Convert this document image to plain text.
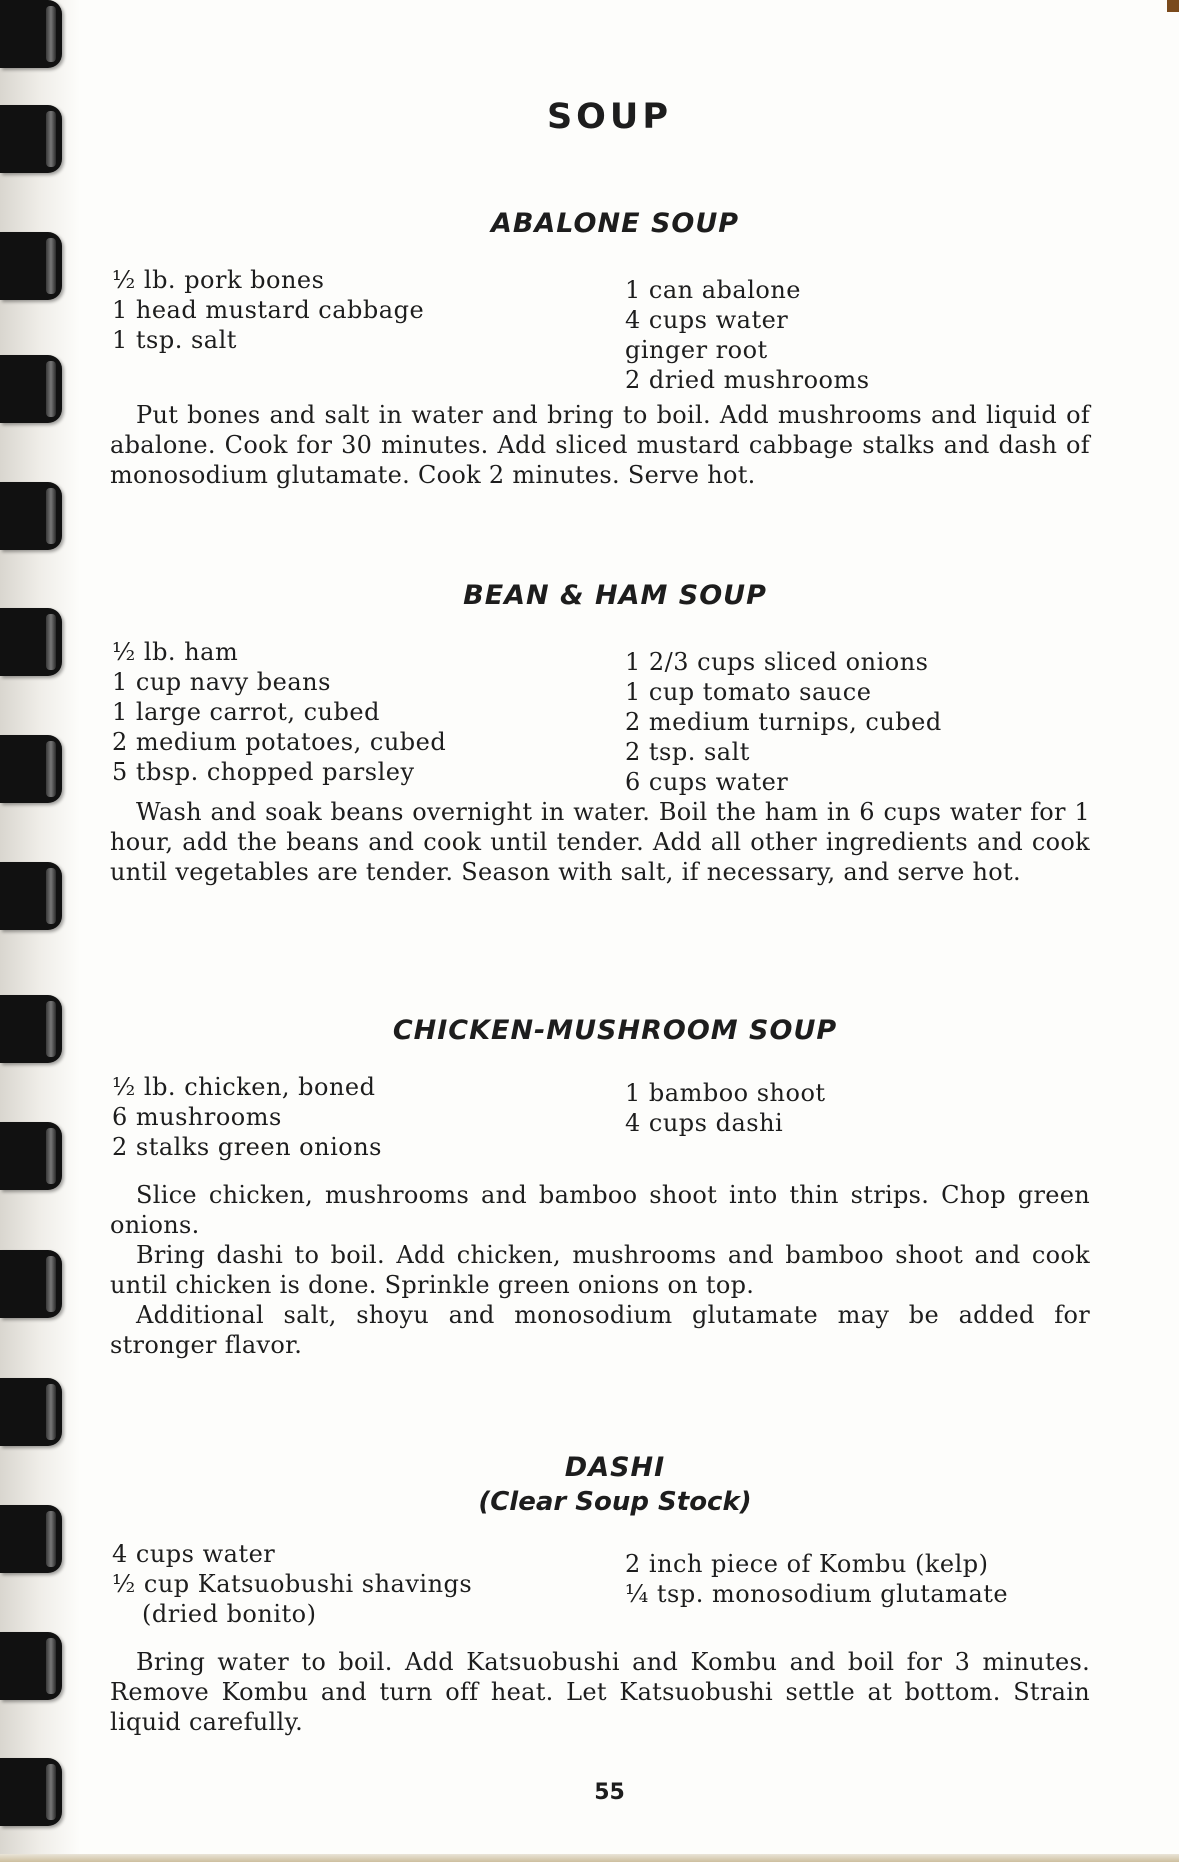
SOUP
ABALONE SOUP
½ lb. pork bones
1 head mustard cabbage
1 tsp. salt
1 can abalone
4 cups water
ginger root
2 dried mushrooms

Put bones and salt in water and bring to boil. Add mushrooms and liquid of abalone. Cook for 30 minutes. Add sliced mustard cabbage stalks and dash of monosodium glutamate. Cook 2 minutes. Serve hot.

BEAN & HAM SOUP
½ lb. ham
1 cup navy beans
1 large carrot, cubed
2 medium potatoes, cubed
5 tbsp. chopped parsley
1 2/3 cups sliced onions
1 cup tomato sauce
2 medium turnips, cubed
2 tsp. salt
6 cups water

Wash and soak beans overnight in water. Boil the ham in 6 cups water for 1 hour, add the beans and cook until tender. Add all other ingredients and cook until vegetables are tender. Season with salt, if necessary, and serve hot.

CHICKEN-MUSHROOM SOUP
½ lb. chicken, boned
6 mushrooms
2 stalks green onions
1 bamboo shoot
4 cups dashi

Slice chicken, mushrooms and bamboo shoot into thin strips. Chop green onions.

Bring dashi to boil. Add chicken, mushrooms and bamboo shoot and cook until chicken is done. Sprinkle green onions on top.

Additional salt, shoyu and monosodium glutamate may be added for stronger flavor.

DASHI
(Clear Soup Stock)
4 cups water
½ cup Katsuobushi shavings
(dried bonito)
2 inch piece of Kombu (kelp)
¼ tsp. monosodium glutamate

Bring water to boil. Add Katsuobushi and Kombu and boil for 3 minutes. Remove Kombu and turn off heat. Let Katsuobushi settle at bottom. Strain liquid carefully.

55
